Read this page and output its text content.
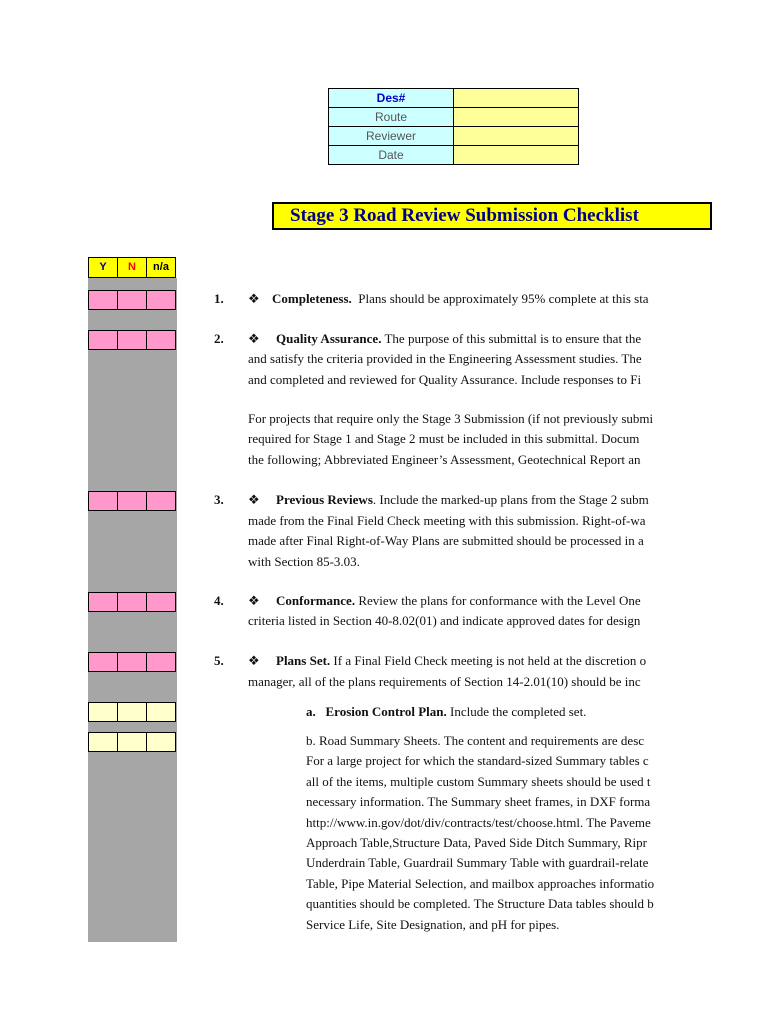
Des#	
Route	
Reviewer	
Date	
Stage 3 Road Review Submission Checklist
Y	N	n/a
1. ❖ Completeness. Plans should be approximately 95% complete at this sta
2. ❖ Quality Assurance. The purpose of this submittal is to ensure that the
and satisfy the criteria provided in the Engineering Assessment studies. The
and completed and reviewed for Quality Assurance. Include responses to Fi
For projects that require only the Stage 3 Submission (if not previously submi
required for Stage 1 and Stage 2 must be included in this submittal. Docum
the following; Abbreviated Engineer’s Assessment, Geotechnical Report an
3. ❖ Previous Reviews. Include the marked-up plans from the Stage 2 subm
made from the Final Field Check meeting with this submission. Right-of-wa
made after Final Right-of-Way Plans are submitted should be processed in a
with Section 85-3.03.
4. ❖ Conformance. Review the plans for conformance with the Level One
criteria listed in Section 40-8.02(01) and indicate approved dates for design
5. ❖ Plans Set. If a Final Field Check meeting is not held at the discretion o
manager, all of the plans requirements of Section 14-2.01(10) should be inc
a. Erosion Control Plan. Include the completed set.
b. Road Summary Sheets. The content and requirements are desc
For a large project for which the standard-sized Summary tables c
all of the items, multiple custom Summary sheets should be used t
necessary information. The Summary sheet frames, in DXF forma
http://www.in.gov/dot/div/contracts/test/choose.html. The Paveme
Approach Table,Structure Data, Paved Side Ditch Summary, Ripr
Underdrain Table, Guardrail Summary Table with guardrail-relate
Table, Pipe Material Selection, and mailbox approaches informatio
quantities should be completed. The Structure Data tables should b
Service Life, Site Designation, and pH for pipes.
